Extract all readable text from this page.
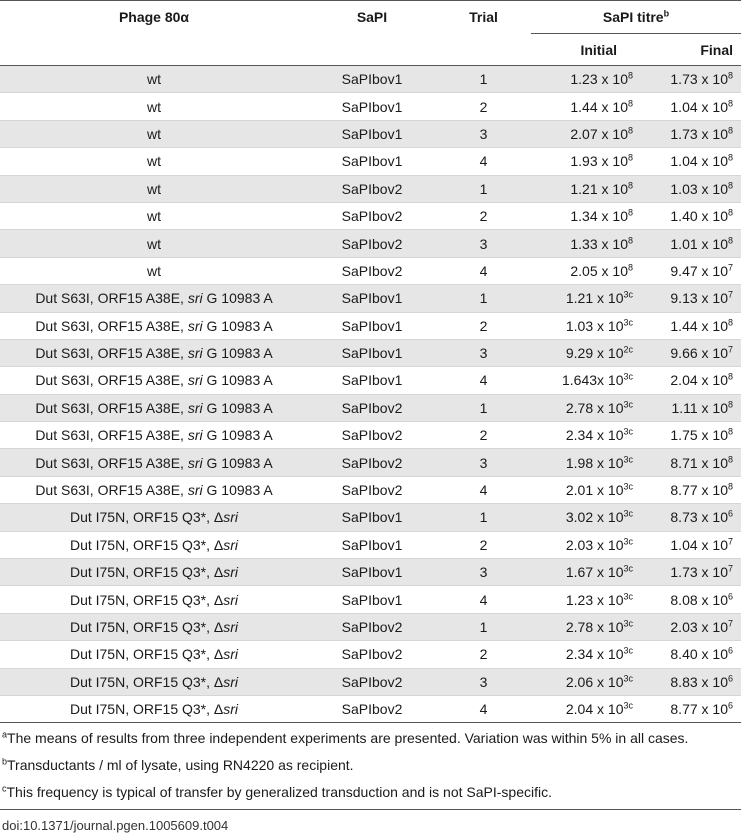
Phage 80α	SaPI	Trial	SaPI titre$^b$
			Initial	Final
wt	SaPIbov1	1	1.23 x $10^8$	1.73 x $10^8$
wt	SaPIbov1	2	1.44 x $10^8$	1.04 x $10^8$
wt	SaPIbov1	3	2.07 x $10^8$	1.73 x $10^8$
wt	SaPIbov1	4	1.93 x $10^8$	1.04 x $10^8$
wt	SaPIbov2	1	1.21 x $10^8$	1.03 x $10^8$
wt	SaPIbov2	2	1.34 x $10^8$	1.40 x $10^8$
wt	SaPIbov2	3	1.33 x $10^8$	1.01 x $10^8$
wt	SaPIbov2	4	2.05 x $10^8$	9.47 x $10^7$
Dut S63I, ORF15 A38E, sri G 10983 A	SaPIbov1	1	1.21 x $10^{3c}$	9.13 x $10^7$
Dut S63I, ORF15 A38E, sri G 10983 A	SaPIbov1	2	1.03 x $10^{3c}$	1.44 x $10^8$
Dut S63I, ORF15 A38E, sri G 10983 A	SaPIbov1	3	9.29 x $10^{2c}$	9.66 x $10^7$
Dut S63I, ORF15 A38E, sri G 10983 A	SaPIbov1	4	1.643x $10^{3c}$	2.04 x $10^8$
Dut S63I, ORF15 A38E, sri G 10983 A	SaPIbov2	1	2.78 x $10^{3c}$	1.11 x $10^8$
Dut S63I, ORF15 A38E, sri G 10983 A	SaPIbov2	2	2.34 x $10^{3c}$	1.75 x $10^8$
Dut S63I, ORF15 A38E, sri G 10983 A	SaPIbov2	3	1.98 x $10^{3c}$	8.71 x $10^8$
Dut S63I, ORF15 A38E, sri G 10983 A	SaPIbov2	4	2.01 x $10^{3c}$	8.77 x $10^8$
Dut I75N, ORF15 Q3*, Δsri	SaPIbov1	1	3.02 x $10^{3c}$	8.73 x $10^6$
Dut I75N, ORF15 Q3*, Δsri	SaPIbov1	2	2.03 x $10^{3c}$	1.04 x $10^7$
Dut I75N, ORF15 Q3*, Δsri	SaPIbov1	3	1.67 x $10^{3c}$	1.73 x $10^7$
Dut I75N, ORF15 Q3*, Δsri	SaPIbov1	4	1.23 x $10^{3c}$	8.08 x $10^6$
Dut I75N, ORF15 Q3*, Δsri	SaPIbov2	1	2.78 x $10^{3c}$	2.03 x $10^7$
Dut I75N, ORF15 Q3*, Δsri	SaPIbov2	2	2.34 x $10^{3c}$	8.40 x $10^6$
Dut I75N, ORF15 Q3*, Δsri	SaPIbov2	3	2.06 x $10^{3c}$	8.83 x $10^6$
Dut I75N, ORF15 Q3*, Δsri	SaPIbov2	4	2.04 x $10^{3c}$	8.77 x $10^6$

$^a$The means of results from three independent experiments are presented. Variation was within 5% in all cases.

$^b$Transductants / ml of lysate, using RN4220 as recipient.

$^c$This frequency is typical of transfer by generalized transduction and is not SaPI-specific.

doi:10.1371/journal.pgen.1005609.t004
